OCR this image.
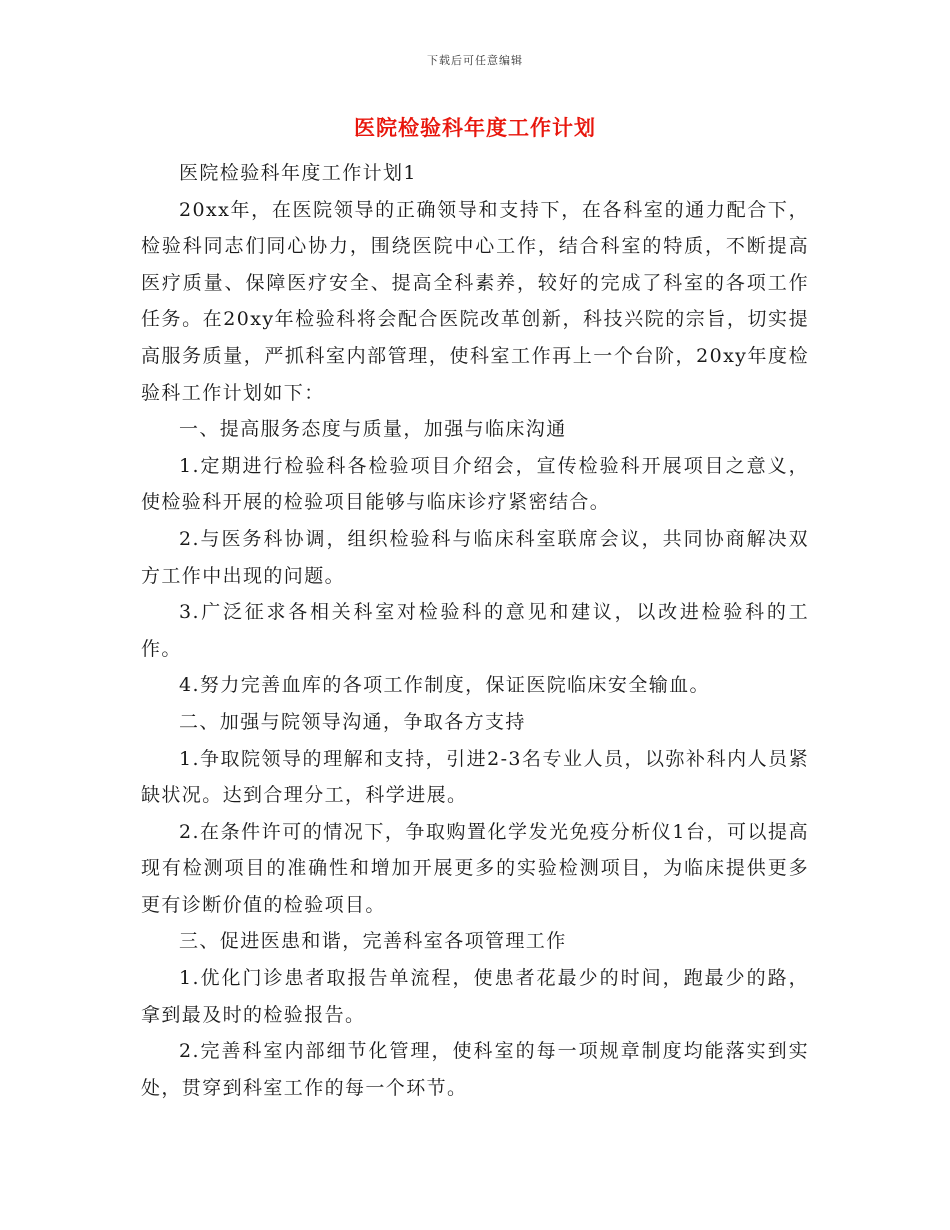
下载后可任意编辑
医院检验科年度工作计划

医院检验科年度工作计划1

20xx年，在医院领导的正确领导和支持下，在各科室的通力配合下，检验科同志们同心协力，围绕医院中心工作，结合科室的特质，不断提高医疗质量、保障医疗安全、提高全科素养，较好的完成了科室的各项工作任务。在20xy年检验科将会配合医院改革创新，科技兴院的宗旨，切实提高服务质量，严抓科室内部管理，使科室工作再上一个台阶，20xy年度检验科工作计划如下：

一、提高服务态度与质量，加强与临床沟通

1.定期进行检验科各检验项目介绍会，宣传检验科开展项目之意义，使检验科开展的检验项目能够与临床诊疗紧密结合。

2.与医务科协调，组织检验科与临床科室联席会议，共同协商解决双方工作中出现的问题。

3.广泛征求各相关科室对检验科的意见和建议，以改进检验科的工作。

4.努力完善血库的各项工作制度，保证医院临床安全输血。

二、加强与院领导沟通，争取各方支持

1.争取院领导的理解和支持，引进2-3名专业人员，以弥补科内人员紧缺状况。达到合理分工，科学进展。

2.在条件许可的情况下，争取购置化学发光免疫分析仪1台，可以提高现有检测项目的准确性和增加开展更多的实验检测项目，为临床提供更多更有诊断价值的检验项目。

三、促进医患和谐，完善科室各项管理工作

1.优化门诊患者取报告单流程，使患者花最少的时间，跑最少的路，拿到最及时的检验报告。

2.完善科室内部细节化管理，使科室的每一项规章制度均能落实到实处，贯穿到科室工作的每一个环节。
